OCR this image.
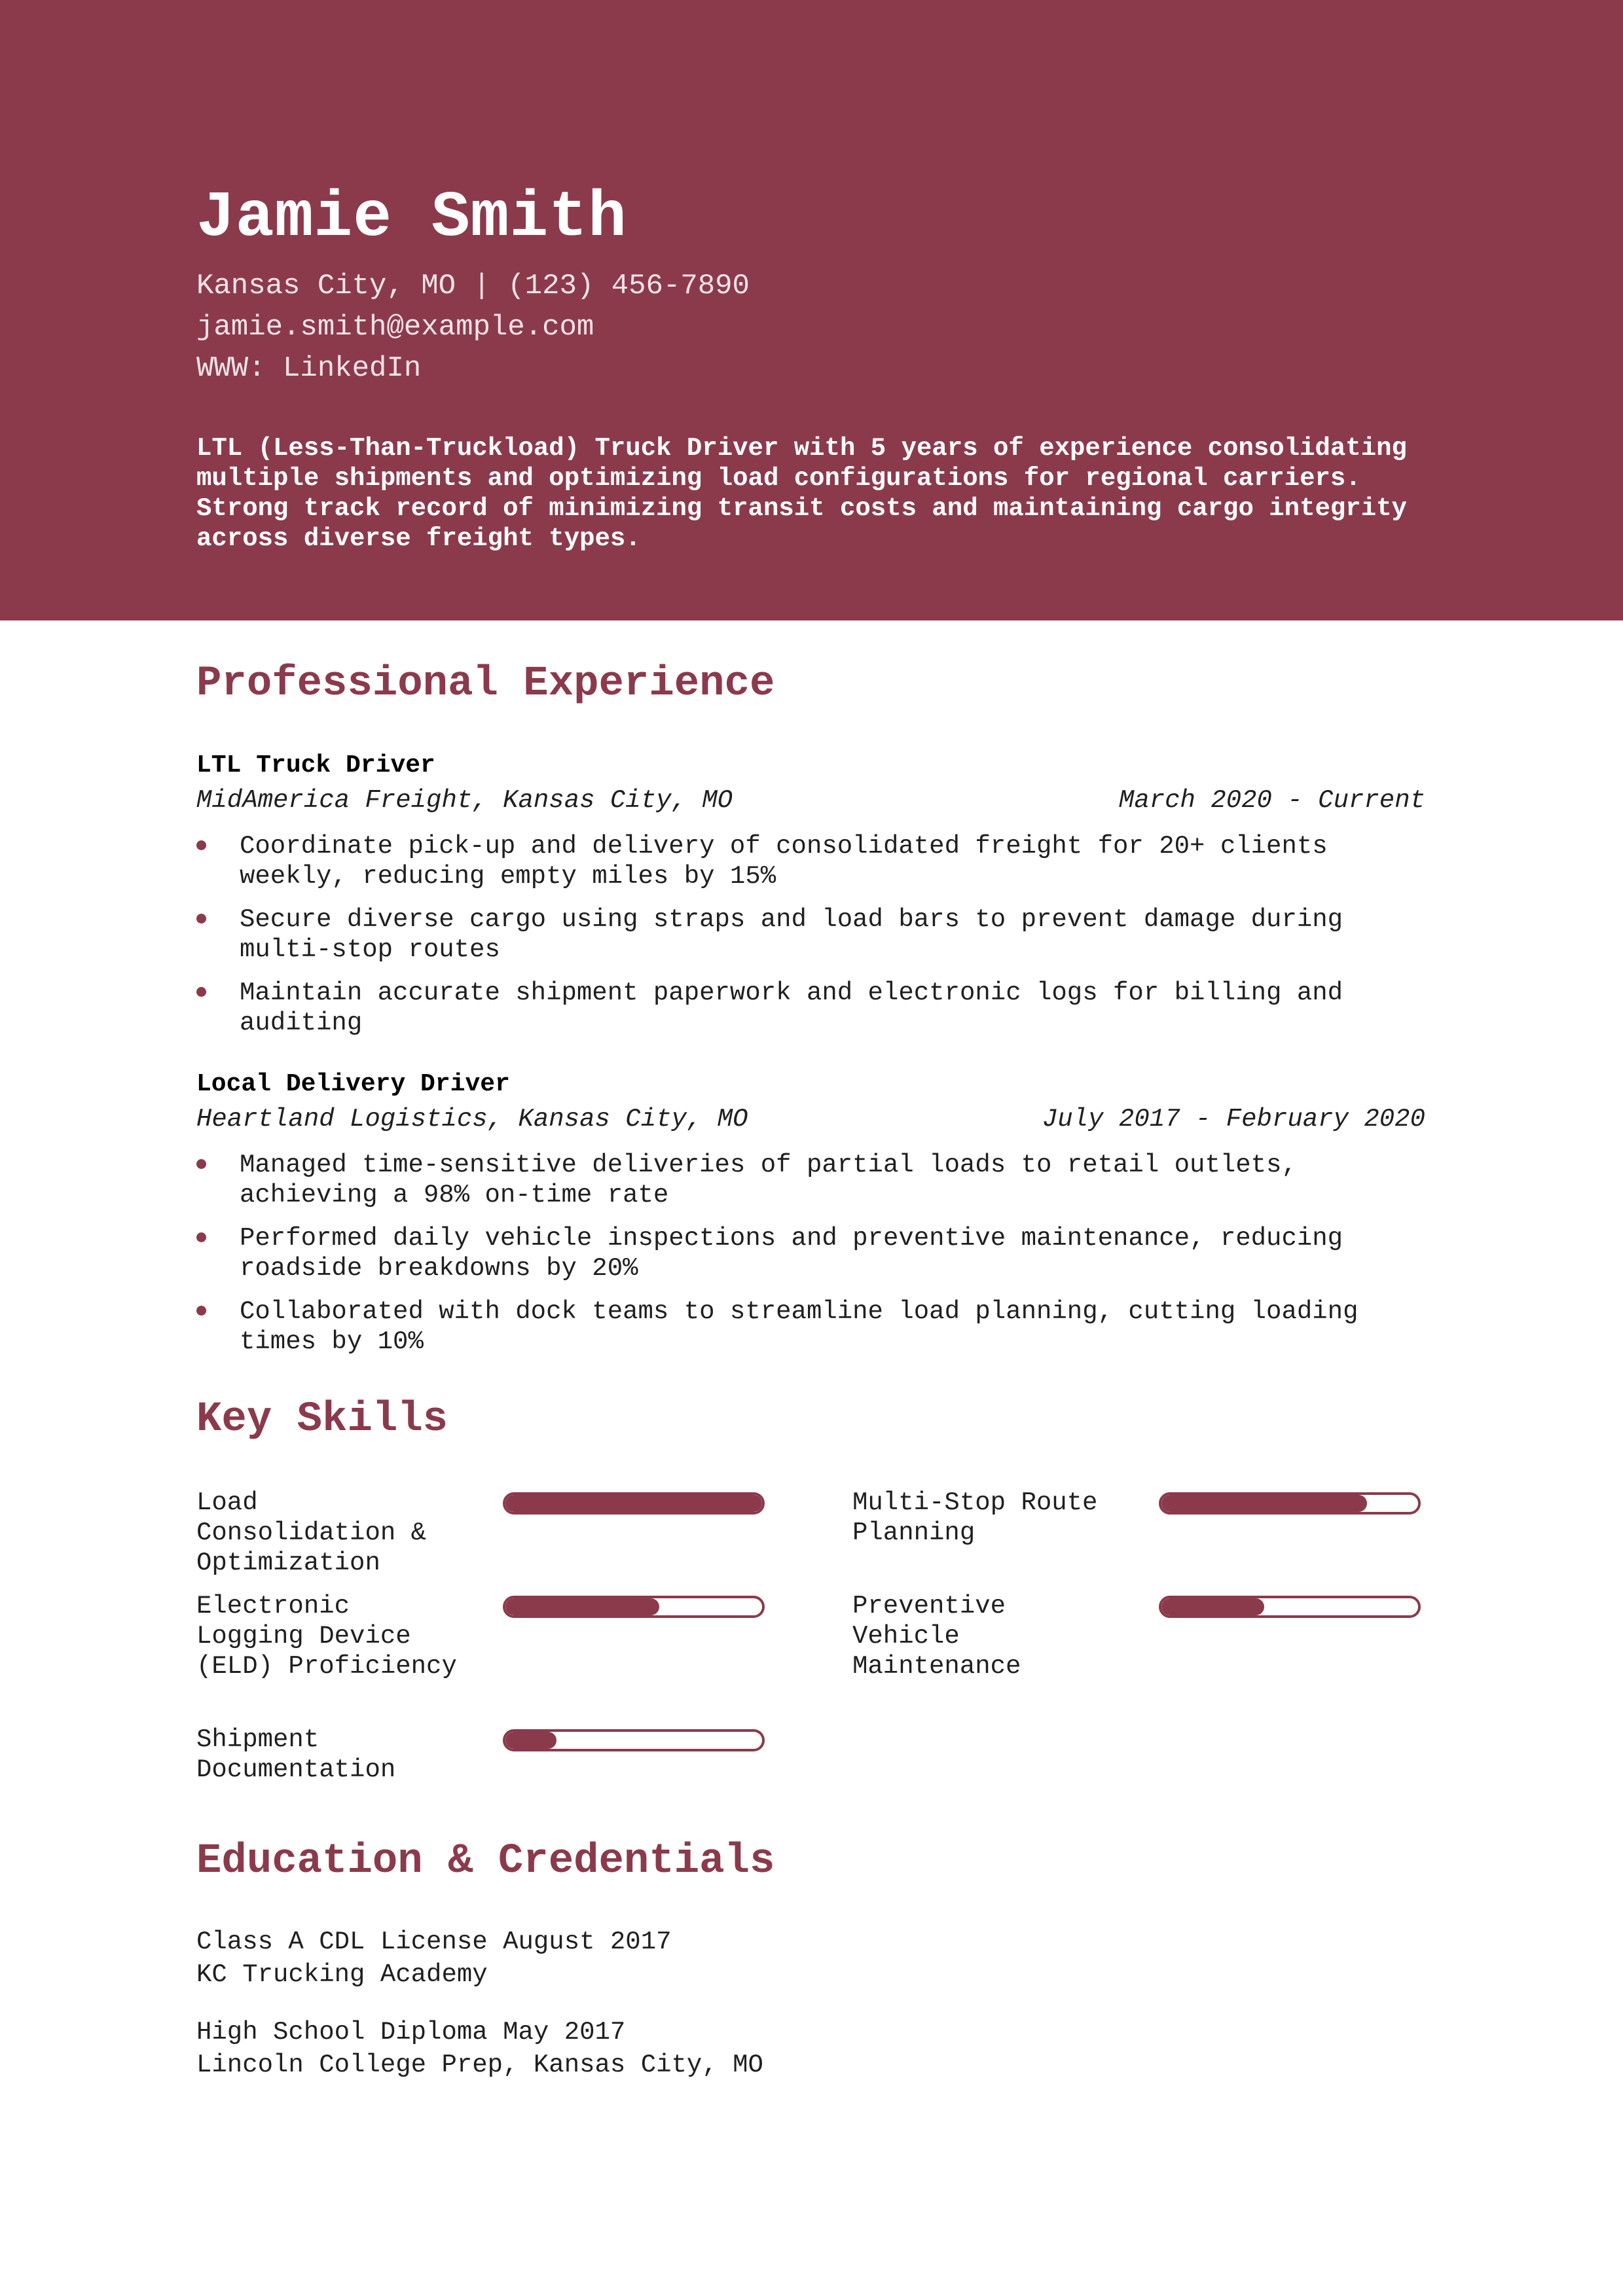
Jamie Smith
Kansas City, MO | (123) 456-7890
jamie.smith@example.com
WWW: LinkedIn

LTL (Less-Than-Truckload) Truck Driver with 5 years of experience consolidating multiple shipments and optimizing load configurations for regional carriers. Strong track record of minimizing transit costs and maintaining cargo integrity across diverse freight types.

Professional Experience
LTL Truck Driver
MidAmerica Freight, Kansas City, MO	March 2020 - Current
Coordinate pick-up and delivery of consolidated freight for 20+ clients weekly, reducing empty miles by 15%
Secure diverse cargo using straps and load bars to prevent damage during multi-stop routes
Maintain accurate shipment paperwork and electronic logs for billing and auditing
Local Delivery Driver
Heartland Logistics, Kansas City, MO	July 2017 - February 2020
Managed time-sensitive deliveries of partial loads to retail outlets, achieving a 98% on-time rate
Performed daily vehicle inspections and preventive maintenance, reducing roadside breakdowns by 20%
Collaborated with dock teams to streamline load planning, cutting loading times by 10%
Key Skills
Load Consolidation & Optimization
Multi-Stop Route Planning
Electronic Logging Device (ELD) Proficiency
Preventive Vehicle Maintenance
Shipment Documentation
Education & Credentials
Class A CDL License August 2017
KC Trucking Academy
High School Diploma May 2017
Lincoln College Prep, Kansas City, MO
